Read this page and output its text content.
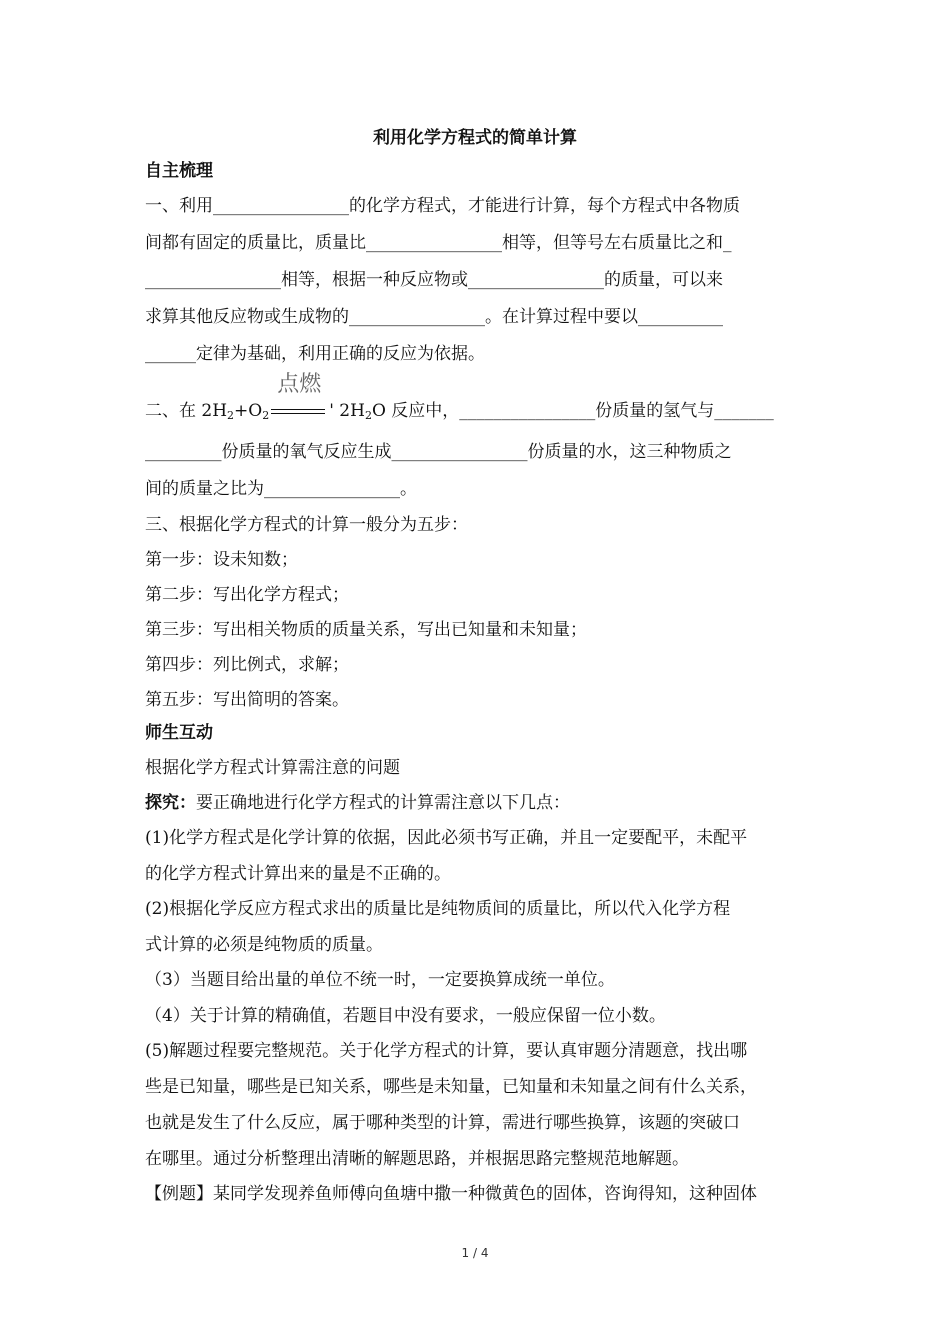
利用化学方程式的简单计算
自主梳理
一、利用________________的化学方程式，才能进行计算，每个方程式中各物质
间都有固定的质量比，质量比________________相等，但等号左右质量比之和_
________________相等，根据一种反应物或________________的质量，可以来
求算其他反应物或生成物的________________。在计算过程中要以__________
______定律为基础，利用正确的反应为依据。
二、在 $2H_2+O_2$
点燃
' $2H_2O$ 反应中，________________份质量的氢气与_______
_________份质量的氧气反应生成________________份质量的水，这三种物质之
间的质量之比为________________。
三、根据化学方程式的计算一般分为五步：
第一步：设未知数；
第二步：写出化学方程式；
第三步：写出相关物质的质量关系，写出已知量和未知量；
第四步：列比例式，求解；
第五步：写出简明的答案。
师生互动
根据化学方程式计算需注意的问题
探究：要正确地进行化学方程式的计算需注意以下几点：
(1)化学方程式是化学计算的依据，因此必须书写正确，并且一定要配平，未配平
的化学方程式计算出来的量是不正确的。
(2)根据化学反应方程式求出的质量比是纯物质间的质量比，所以代入化学方程
式计算的必须是纯物质的质量。
（3）当题目给出量的单位不统一时，一定要换算成统一单位。
（4）关于计算的精确值，若题目中没有要求，一般应保留一位小数。
(5)解题过程要完整规范。关于化学方程式的计算，要认真审题分清题意，找出哪
些是已知量，哪些是已知关系，哪些是未知量，已知量和未知量之间有什么关系，
也就是发生了什么反应，属于哪种类型的计算，需进行哪些换算，该题的突破口
在哪里。通过分析整理出清晰的解题思路，并根据思路完整规范地解题。
【例题】某同学发现养鱼师傅向鱼塘中撒一种微黄色的固体，咨询得知，这种固体
1 / 4
